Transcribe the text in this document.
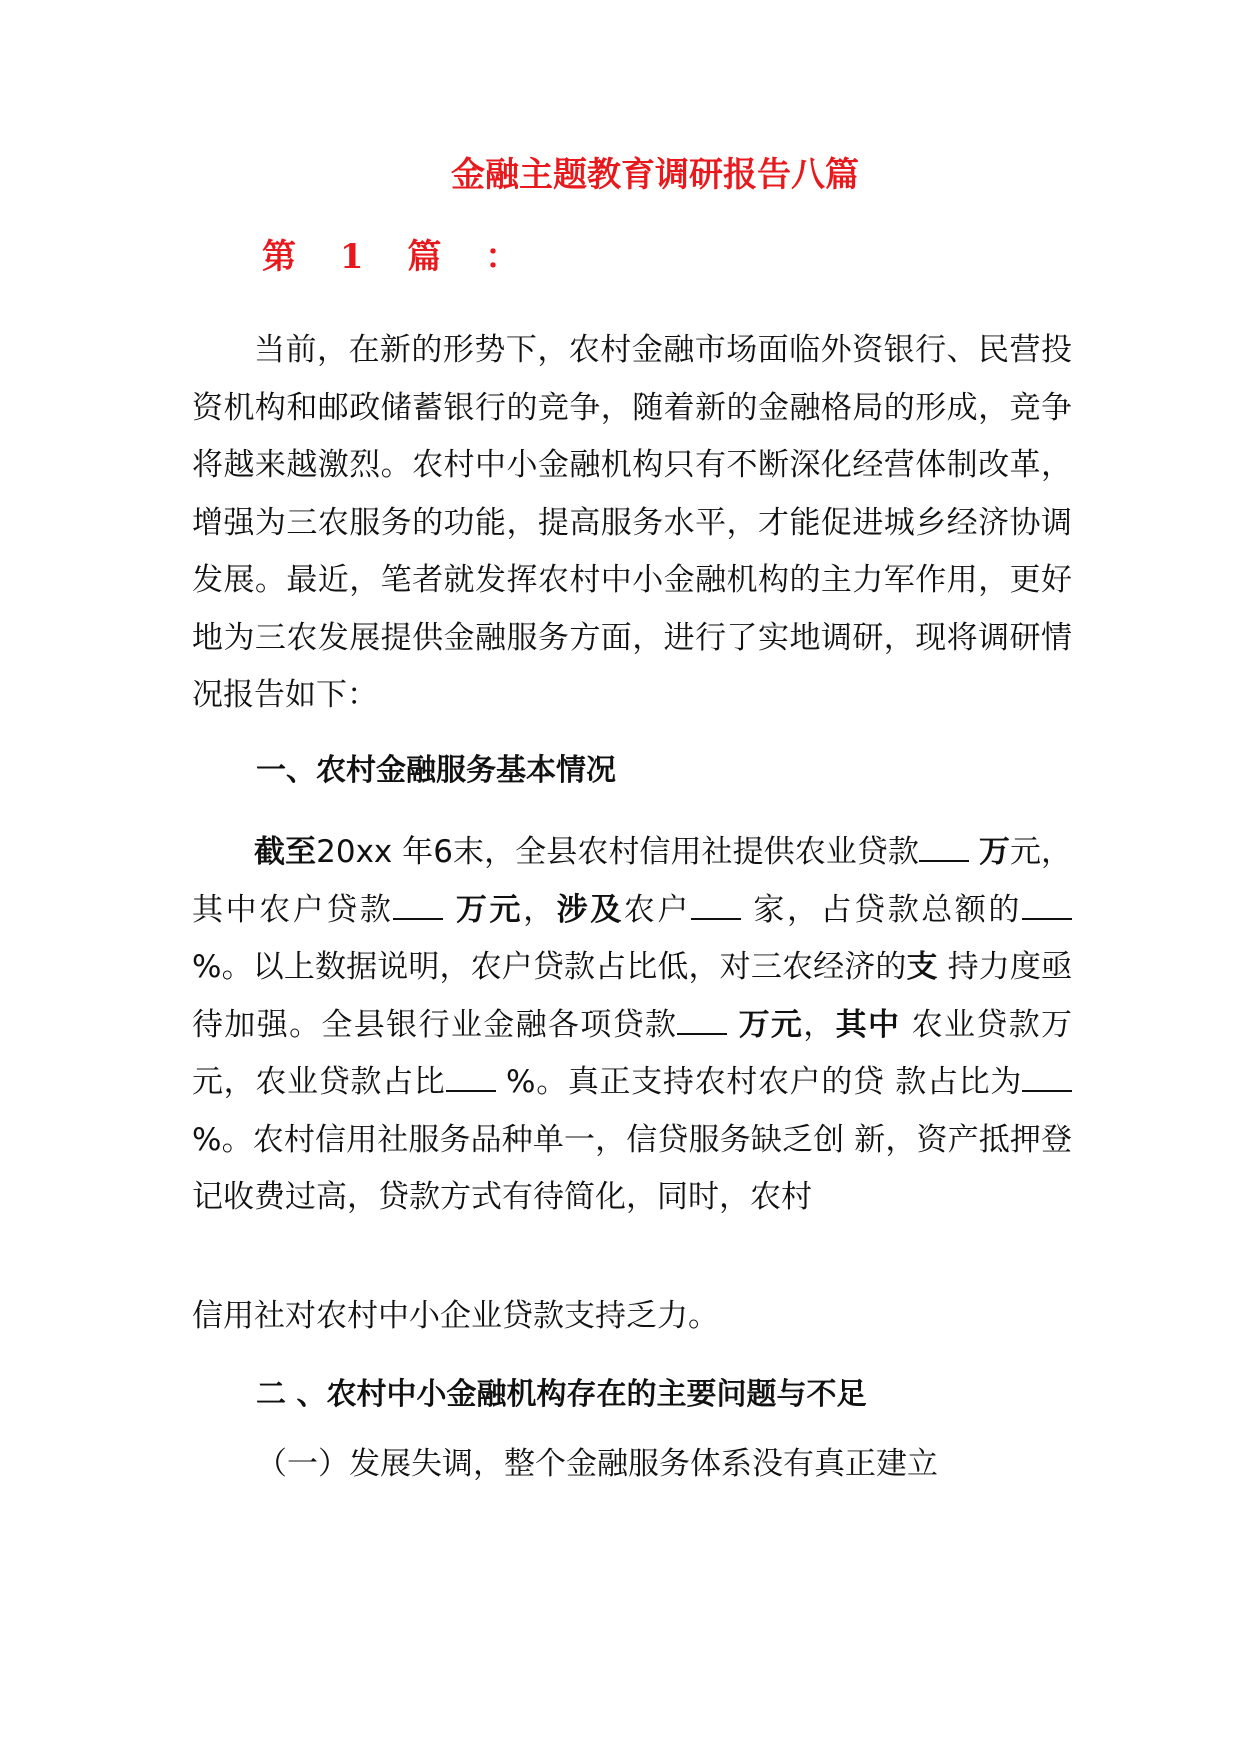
金融主题教育调研报告八篇
第 1 篇 ：

当前，在新的形势下，农村金融市场面临外资银行、民营投资机构和邮政储蓄银行的竞争，随着新的金融格局的形成，竞争将越来越激烈。农村中小金融机构只有不断深化经营体制改革，增强为三农服务的功能，提高服务水平，才能促进城乡经济协调发展。最近，笔者就发挥农村中小金融机构的主力军作用，更好地为三农发展提供金融服务方面，进行了实地调研，现将调研情况报告如下：

一、农村金融服务基本情况

截至20xx 年6末，全县农村信用社提供农业贷款 万元，其中农户贷款 万元，涉及农户 家，占贷款总额的 %。以上数据说明，农户贷款占比低，对三农经济的支 持力度亟待加强。全县银行业金融各项贷款 万元，其中 农业贷款万元，农业贷款占比 %。真正支持农村农户的贷 款占比为 %。农村信用社服务品种单一，信贷服务缺乏创 新，资产抵押登记收费过高，贷款方式有待简化，同时，农村

信用社对农村中小企业贷款支持乏力。

二 、农村中小金融机构存在的主要问题与不足

（一）发展失调，整个金融服务体系没有真正建立
